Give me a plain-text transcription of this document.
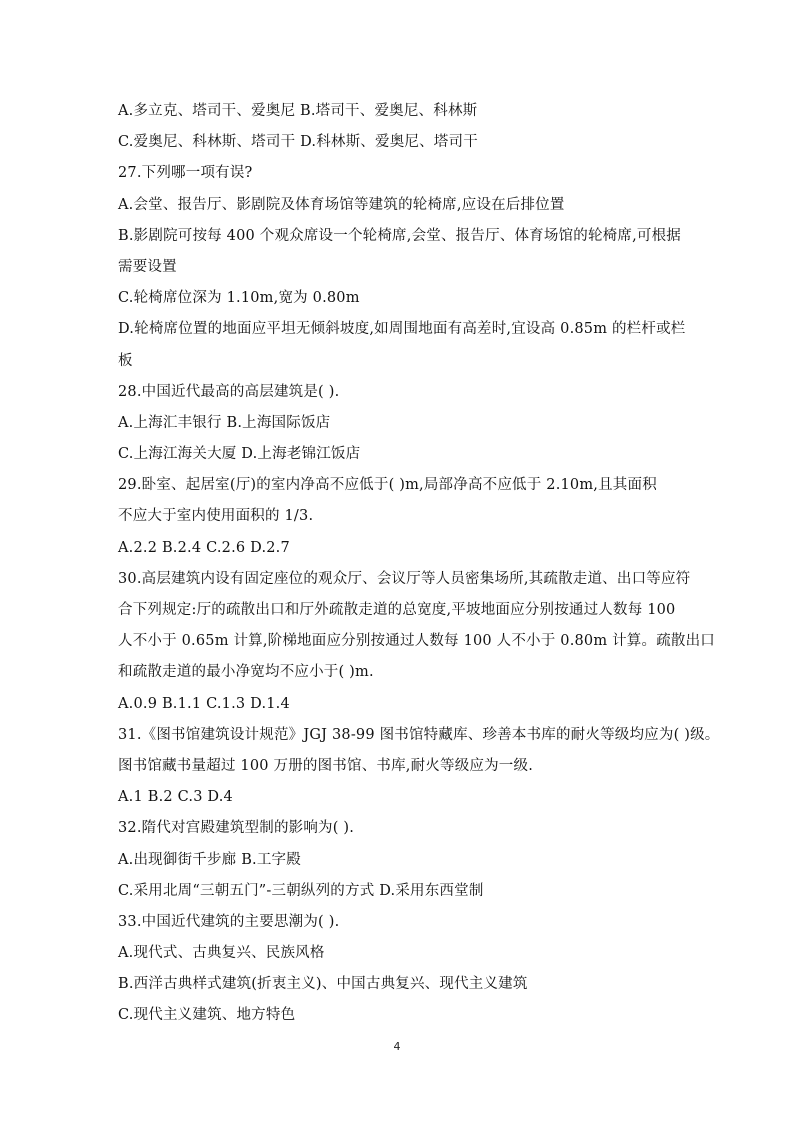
A.多立克、塔司干、爱奥尼 B.塔司干、爱奥尼、科林斯
C.爱奥尼、科林斯、塔司干 D.科林斯、爱奥尼、塔司干
27.下列哪一项有误?
A.会堂、报告厅、影剧院及体育场馆等建筑的轮椅席,应设在后排位置
B.影剧院可按每 400 个观众席设一个轮椅席,会堂、报告厅、体育场馆的轮椅席,可根据
需要设置
C.轮椅席位深为 1.10m,宽为 0.80m
D.轮椅席位置的地面应平坦无倾斜坡度,如周围地面有高差时,宜设高 0.85m 的栏杆或栏
板
28.中国近代最高的高层建筑是( ).
A.上海汇丰银行 B.上海国际饭店
C.上海江海关大厦 D.上海老锦江饭店
29.卧室、起居室(厅)的室内净高不应低于( )m,局部净高不应低于 2.10m,且其面积
不应大于室内使用面积的 1/3.
A.2.2 B.2.4 C.2.6 D.2.7
30.高层建筑内设有固定座位的观众厅、会议厅等人员密集场所,其疏散走道、出口等应符
合下列规定:厅的疏散出口和厅外疏散走道的总宽度,平坡地面应分别按通过人数每 100
人不小于 0.65m 计算,阶梯地面应分别按通过人数每 100 人不小于 0.80m 计算。疏散出口
和疏散走道的最小净宽均不应小于( )m.
A.0.9 B.1.1 C.1.3 D.1.4
31.《图书馆建筑设计规范》JGJ 38-99 图书馆特藏库、珍善本书库的耐火等级均应为( )级。
图书馆藏书量超过 100 万册的图书馆、书库,耐火等级应为一级.
A.1 B.2 C.3 D.4
32.隋代对宫殿建筑型制的影响为( ).
A.出现御街千步廊 B.工字殿
C.采用北周“三朝五门”-三朝纵列的方式 D.采用东西堂制
33.中国近代建筑的主要思潮为( ).
A.现代式、古典复兴、民族风格
B.西洋古典样式建筑(折衷主义)、中国古典复兴、现代主义建筑
C.现代主义建筑、地方特色
4
